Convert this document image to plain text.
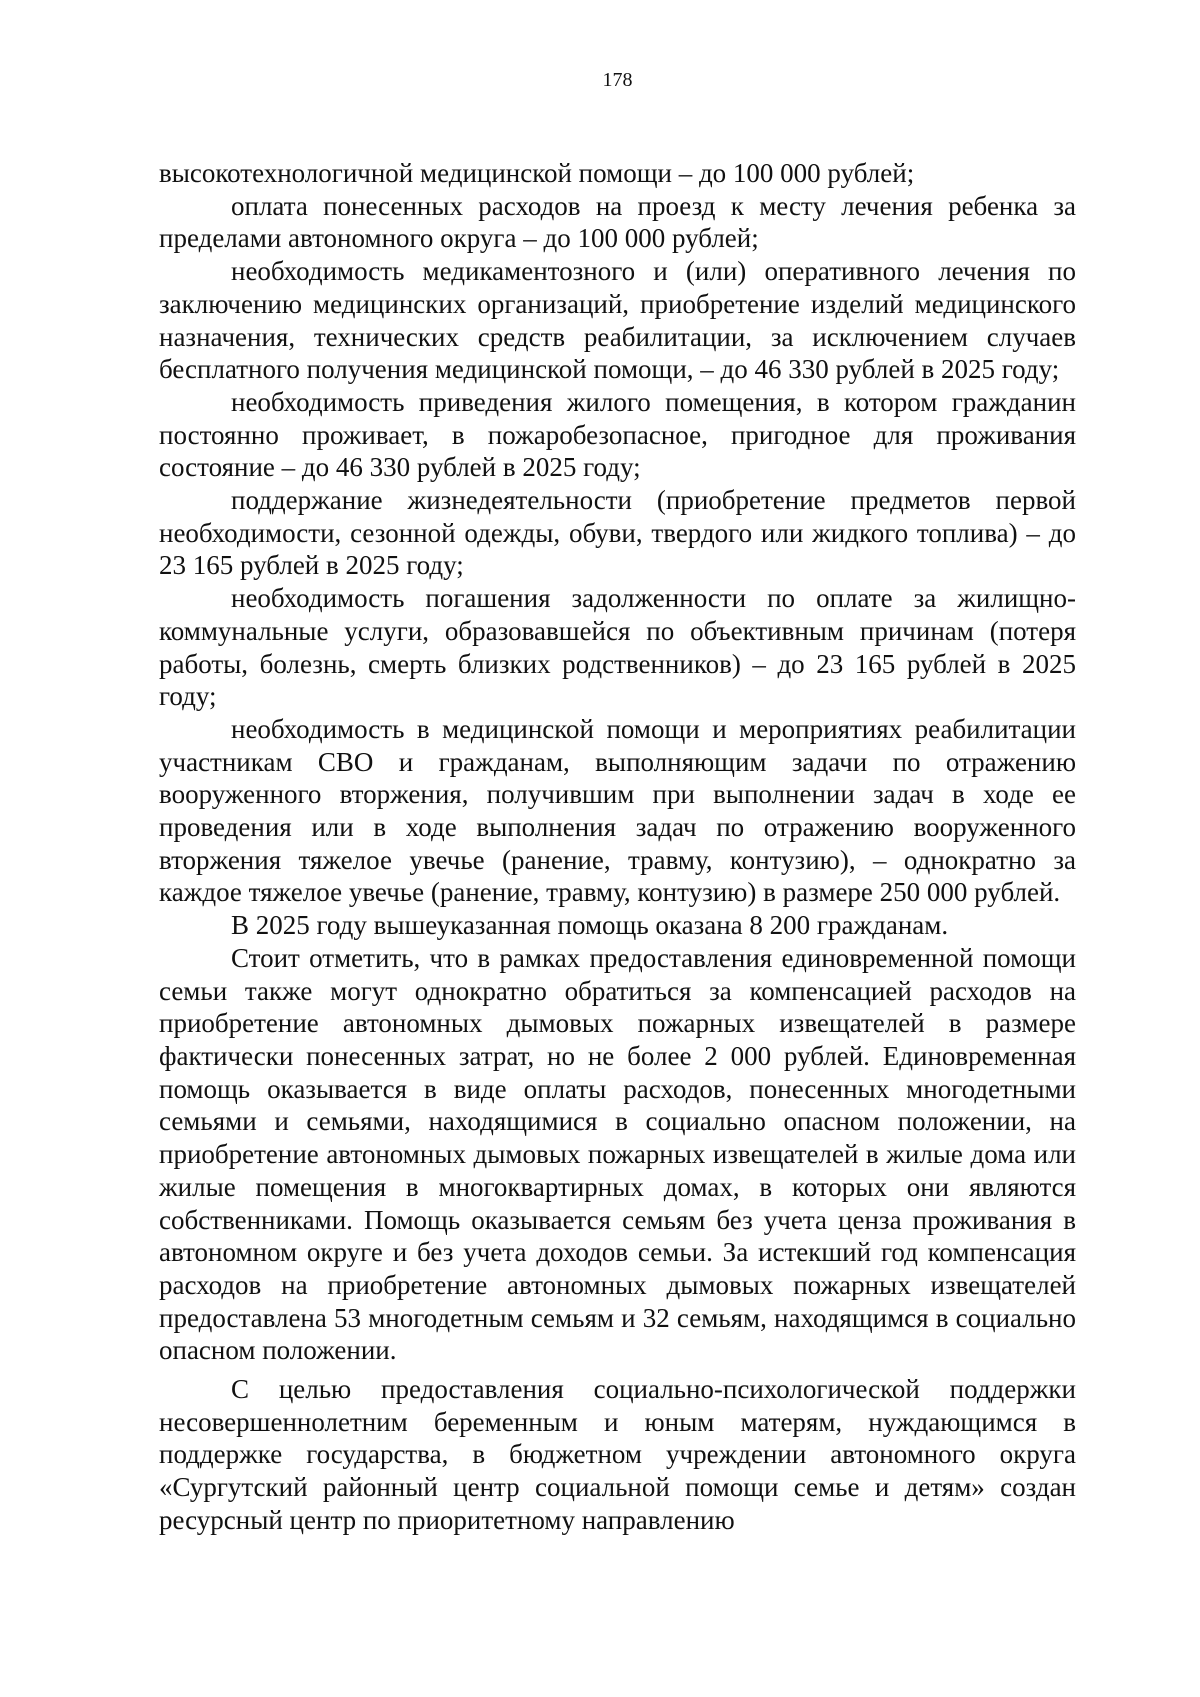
178

высокотехнологичной медицинской помощи – до 100 000 рублей;

оплата понесенных расходов на проезд к месту лечения ребенка за пределами автономного округа – до 100 000 рублей;

необходимость медикаментозного и (или) оперативного лечения по заключению медицинских организаций, приобретение изделий медицинского назначения, технических средств реабилитации, за исключением случаев бесплатного получения медицинской помощи, – до 46 330 рублей в 2025 году;

необходимость приведения жилого помещения, в котором гражданин постоянно проживает, в пожаробезопасное, пригодное для проживания состояние – до 46 330 рублей в 2025 году;

поддержание жизнедеятельности (приобретение предметов первой необходимости, сезонной одежды, обуви, твердого или жидкого топлива) – до 23 165 рублей в 2025 году;

необходимость погашения задолженности по оплате за жилищно-коммунальные услуги, образовавшейся по объективным причинам (потеря работы, болезнь, смерть близких родственников) – до 23 165 рублей в 2025 году;

необходимость в медицинской помощи и мероприятиях реабилитации участникам СВО и гражданам, выполняющим задачи по отражению вооруженного вторжения, получившим при выполнении задач в ходе ее проведения или в ходе выполнения задач по отражению вооруженного вторжения тяжелое увечье (ранение, травму, контузию), – однократно за каждое тяжелое увечье (ранение, травму, контузию) в размере 250 000 рублей.

В 2025 году вышеуказанная помощь оказана 8 200 гражданам.

Стоит отметить, что в рамках предоставления единовременной помощи семьи также могут однократно обратиться за компенсацией расходов на приобретение автономных дымовых пожарных извещателей в размере фактически понесенных затрат, но не более 2 000 рублей. Единовременная помощь оказывается в виде оплаты расходов, понесенных многодетными семьями и семьями, находящимися в социально опасном положении, на приобретение автономных дымовых пожарных извещателей в жилые дома или жилые помещения в многоквартирных домах, в которых они являются собственниками. Помощь оказывается семьям без учета ценза проживания в автономном округе и без учета доходов семьи. За истекший год компенсация расходов на приобретение автономных дымовых пожарных извещателей предоставлена 53 многодетным семьям и 32 семьям, находящимся в социально опасном положении.

С целью предоставления социально-психологической поддержки несовершеннолетним беременным и юным матерям, нуждающимся в поддержке государства, в бюджетном учреждении автономного округа «Сургутский районный центр социальной помощи семье и детям» создан ресурсный центр по приоритетному направлению
